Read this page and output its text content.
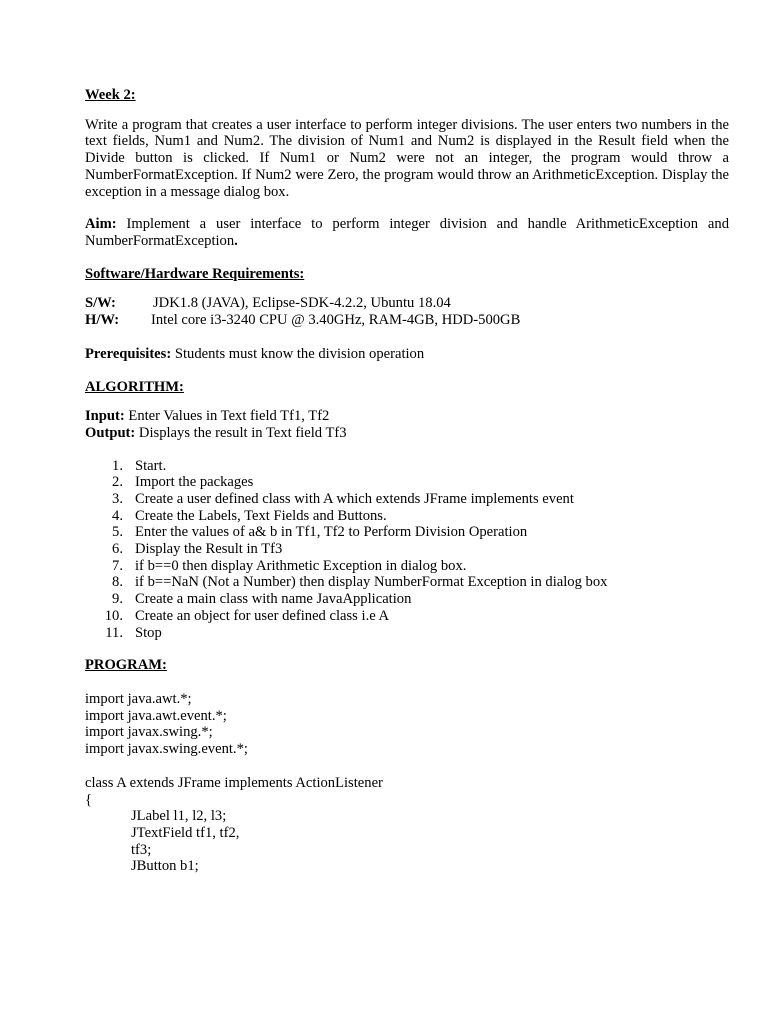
Week 2:

Write a program that creates a user interface to perform integer divisions. The user enters two numbers in the text fields, Num1 and Num2. The division of Num1 and Num2 is displayed in the Result field when the Divide button is clicked. If Num1 or Num2 were not an integer, the program would throw a NumberFormatException. If Num2 were Zero, the program would throw an ArithmeticException. Display the exception in a message dialog box.

Aim: Implement a user interface to perform integer division and handle ArithmeticException and NumberFormatException.

Software/Hardware Requirements:

S/W:	JDK1.8 (JAVA), Eclipse-SDK-4.2.2, Ubuntu 18.04
H/W:	Intel core i3-3240 CPU @ 3.40GHz, RAM-4GB, HDD-500GB

Prerequisites: Students must know the division operation

ALGORITHM:

Input: Enter Values in Text field Tf1, Tf2

Output: Displays the result in Text field Tf3

1. Start.
2. Import the packages
3. Create a user defined class with A which extends JFrame implements event
4. Create the Labels, Text Fields and Buttons.
5. Enter the values of a& b in Tf1, Tf2 to Perform Division Operation
6. Display the Result in Tf3
7. if b==0 then display Arithmetic Exception in dialog box.
8. if b==NaN (Not a Number) then display NumberFormat Exception in dialog box
9. Create a main class with name JavaApplication
10. Create an object for user defined class i.e A
11. Stop

PROGRAM:

import java.awt.*;

import java.awt.event.*;

import javax.swing.*;

import javax.swing.event.*;

class A extends JFrame implements ActionListener

{

JLabel l1, l2, l3;

JTextField tf1, tf2,

tf3;

JButton b1;
